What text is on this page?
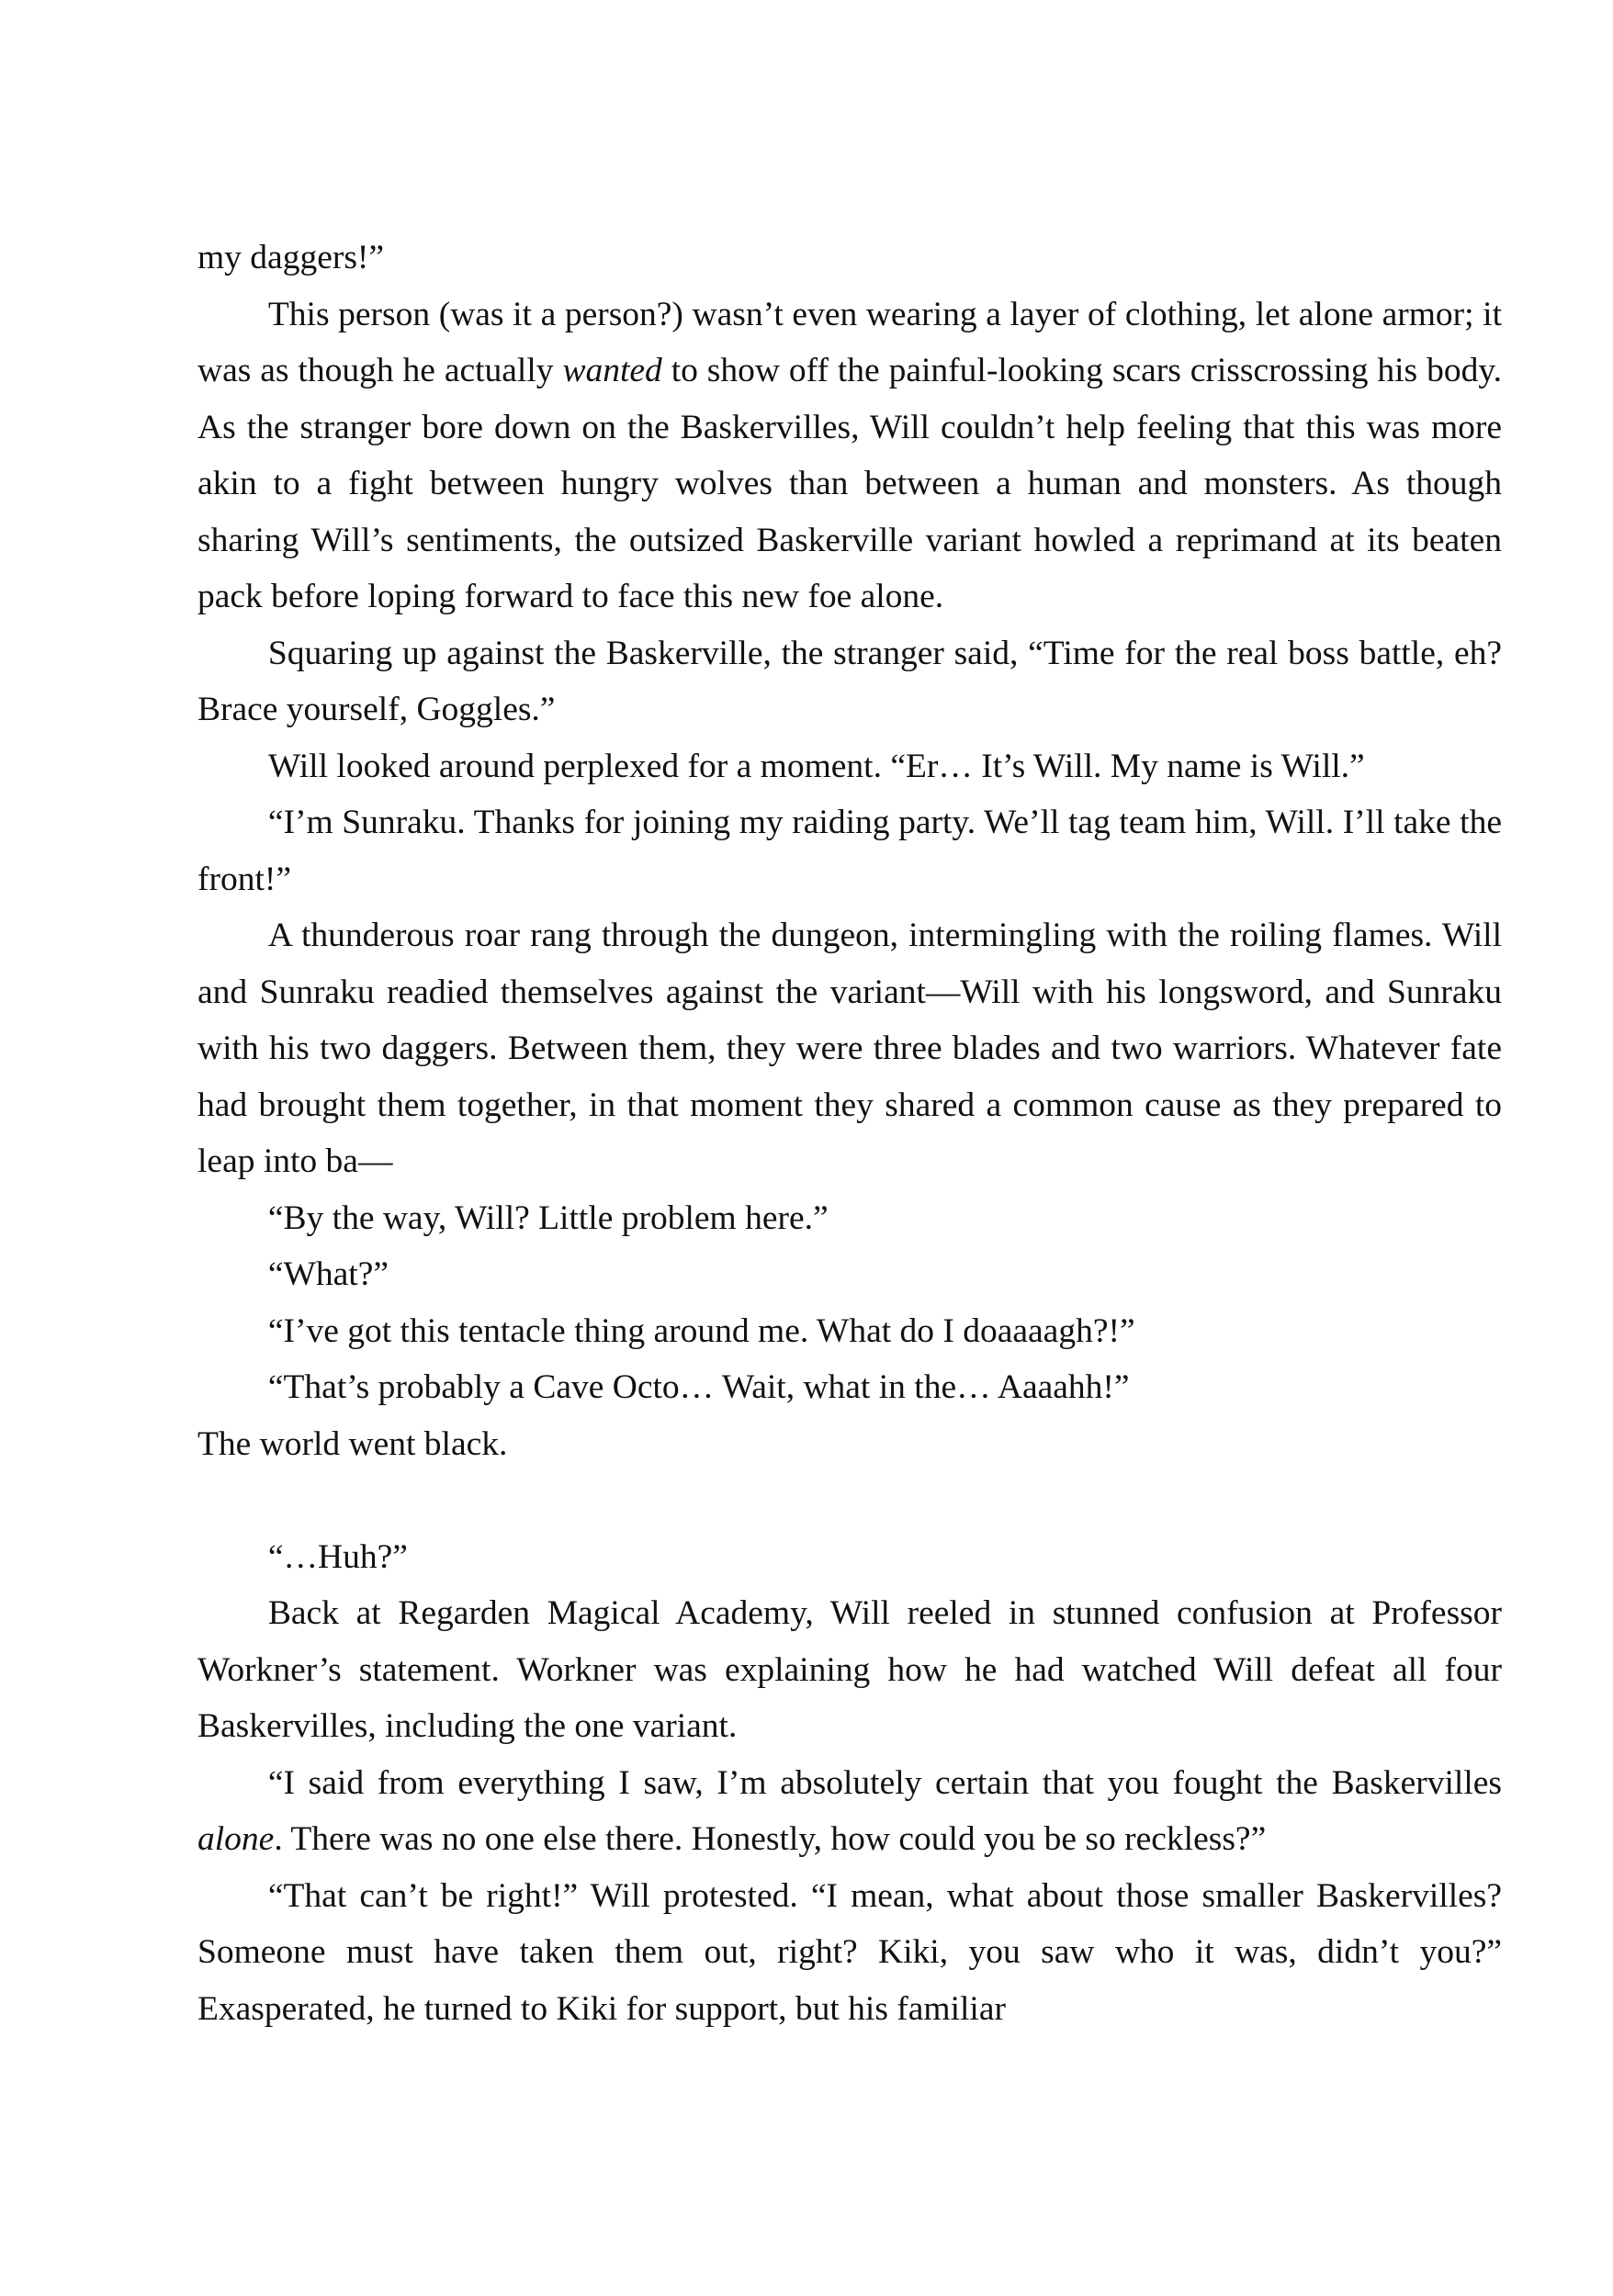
my daggers!”

This person (was it a person?) wasn’t even wearing a layer of clothing, let alone armor; it was as though he actually wanted to show off the painful-looking scars crisscrossing his body. As the stranger bore down on the Baskervilles, Will couldn’t help feeling that this was more akin to a fight between hungry wolves than between a human and monsters. As though sharing Will’s sentiments, the outsized Baskerville variant howled a reprimand at its beaten pack before loping forward to face this new foe alone.

Squaring up against the Baskerville, the stranger said, “Time for the real boss battle, eh? Brace yourself, Goggles.”

Will looked around perplexed for a moment. “Er… It’s Will. My name is Will.”

“I’m Sunraku. Thanks for joining my raiding party. We’ll tag team him, Will. I’ll take the front!”

A thunderous roar rang through the dungeon, intermingling with the roiling flames. Will and Sunraku readied themselves against the variant—Will with his longsword, and Sunraku with his two daggers. Between them, they were three blades and two warriors. Whatever fate had brought them together, in that moment they shared a common cause as they prepared to leap into ba—

“By the way, Will? Little problem here.”

“What?”

“I’ve got this tentacle thing around me. What do I doaaaagh?!”

“That’s probably a Cave Octo… Wait, what in the… Aaaahh!”

The world went black.

“…Huh?”

Back at Regarden Magical Academy, Will reeled in stunned confusion at Professor Workner’s statement. Workner was explaining how he had watched Will defeat all four Baskervilles, including the one variant.

“I said from everything I saw, I’m absolutely certain that you fought the Baskervilles alone. There was no one else there. Honestly, how could you be so reckless?”

“That can’t be right!” Will protested. “I mean, what about those smaller Baskervilles? Someone must have taken them out, right? Kiki, you saw who it was, didn’t you?” Exasperated, he turned to Kiki for support, but his familiar
